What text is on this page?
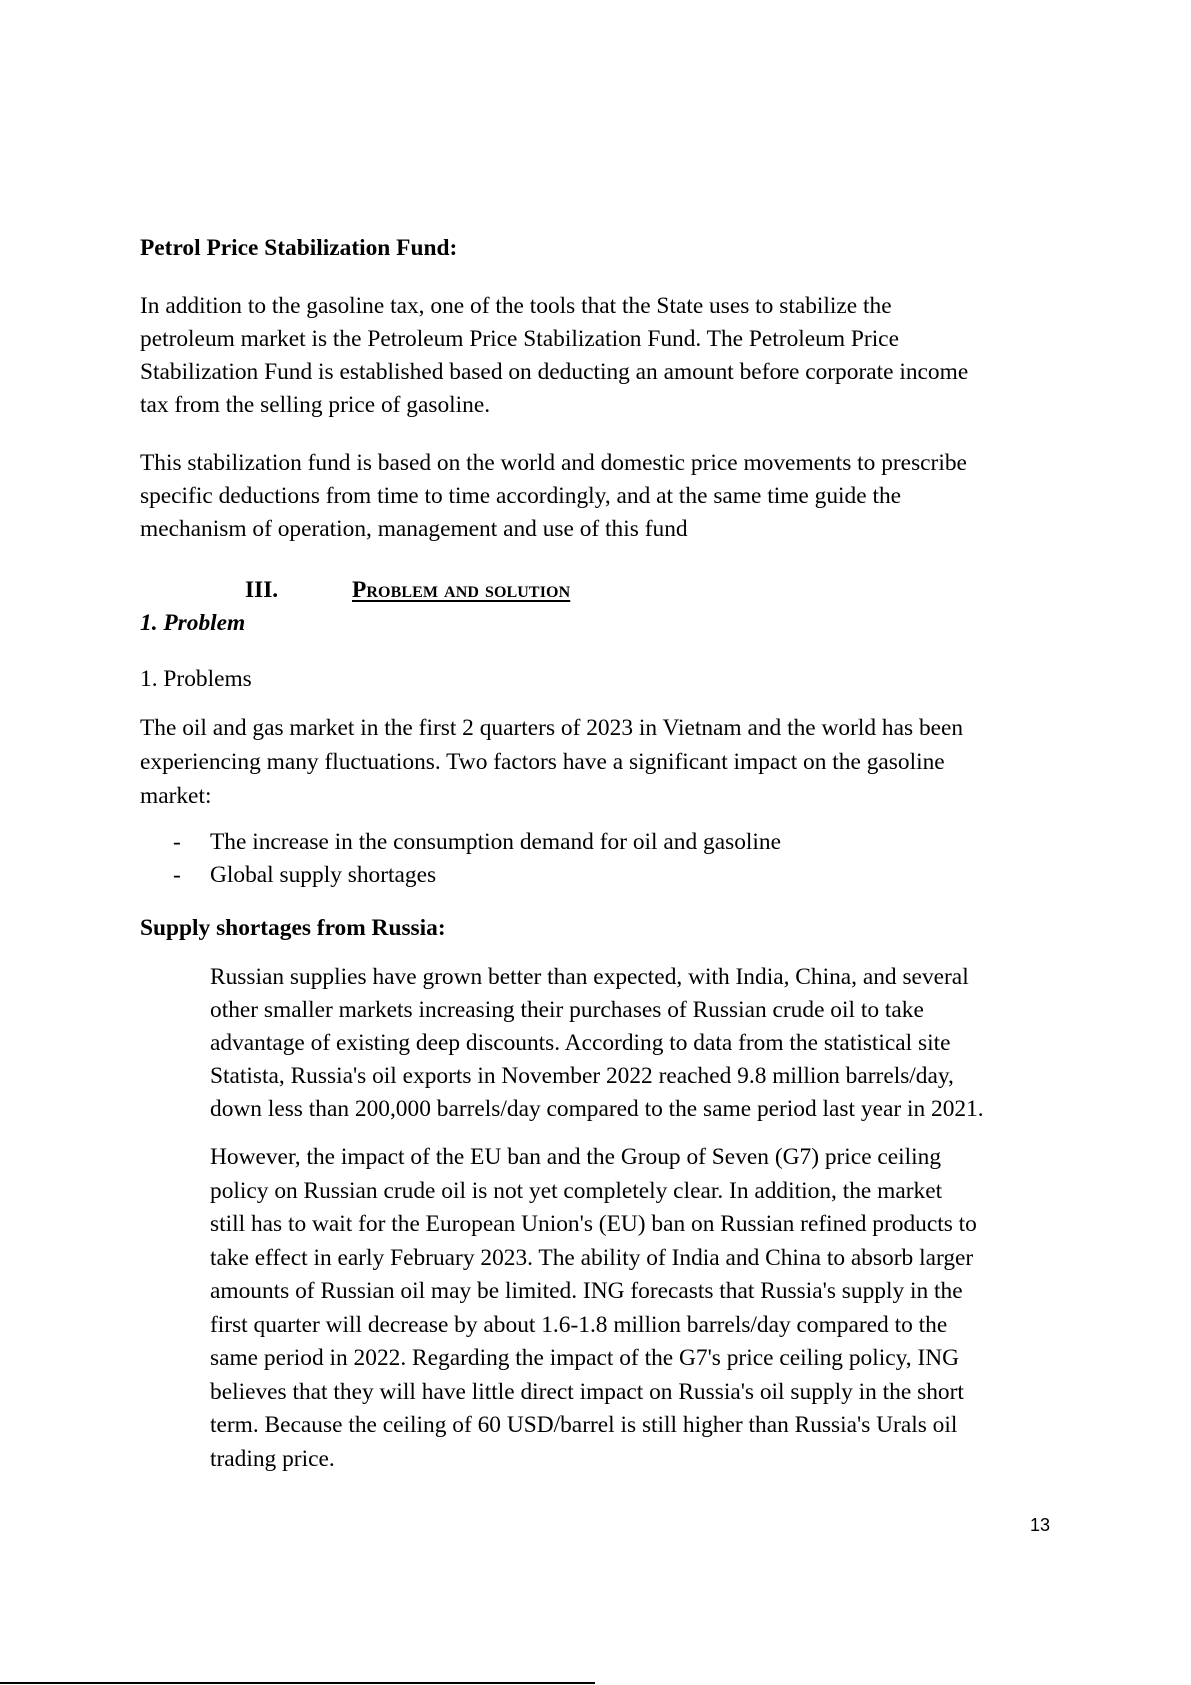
Petrol Price Stabilization Fund:
In addition to the gasoline tax, one of the tools that the State uses to stabilize the
petroleum market is the Petroleum Price Stabilization Fund. The Petroleum Price
Stabilization Fund is established based on deducting an amount before corporate income
tax from the selling price of gasoline.
This stabilization fund is based on the world and domestic price movements to prescribe
specific deductions from time to time accordingly, and at the same time guide the
mechanism of operation, management and use of this fund
III.	Problem and solution
1. Problem
1. Problems
The oil and gas market in the first 2 quarters of 2023 in Vietnam and the world has been
experiencing many fluctuations. Two factors have a significant impact on the gasoline
market:
- The increase in the consumption demand for oil and gasoline
- Global supply shortages
Supply shortages from Russia:
Russian supplies have grown better than expected, with India, China, and several
other smaller markets increasing their purchases of Russian crude oil to take
advantage of existing deep discounts. According to data from the statistical site
Statista, Russia's oil exports in November 2022 reached 9.8 million barrels/day,
down less than 200,000 barrels/day compared to the same period last year in 2021.
However, the impact of the EU ban and the Group of Seven (G7) price ceiling
policy on Russian crude oil is not yet completely clear. In addition, the market
still has to wait for the European Union's (EU) ban on Russian refined products to
take effect in early February 2023. The ability of India and China to absorb larger
amounts of Russian oil may be limited. ING forecasts that Russia's supply in the
first quarter will decrease by about 1.6-1.8 million barrels/day compared to the
same period in 2022. Regarding the impact of the G7's price ceiling policy, ING
believes that they will have little direct impact on Russia's oil supply in the short
term. Because the ceiling of 60 USD/barrel is still higher than Russia's Urals oil
trading price.
13
